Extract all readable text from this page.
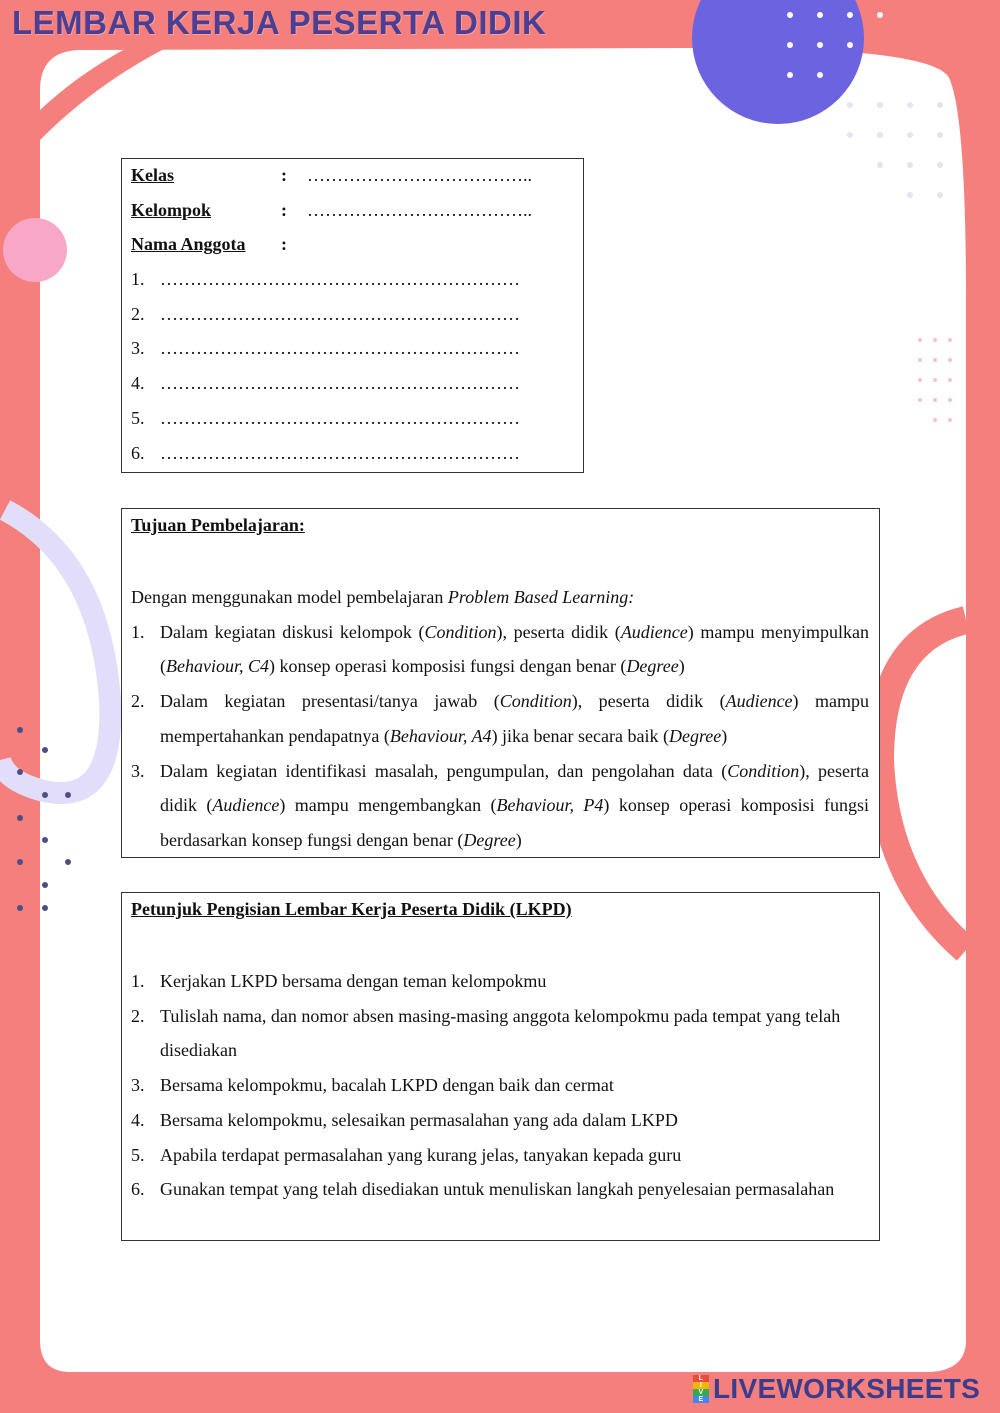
LEMBAR KERJA PESERTA DIDIK
Kelas	:	………………………………..
Kelompok	:	………………………………..
Nama Anggota	:
1. ……………………………………………………
2. ……………………………………………………
3. ……………………………………………………
4. ……………………………………………………
5. ……………………………………………………
6. ……………………………………………………
Tujuan Pembelajaran:
Dengan menggunakan model pembelajaran Problem Based Learning:
1. Dalam kegiatan diskusi kelompok (Condition), peserta didik (Audience) mampu menyimpulkan (Behaviour, C4) konsep operasi komposisi fungsi dengan benar (Degree)
2. Dalam kegiatan presentasi/tanya jawab (Condition), peserta didik (Audience) mampu mempertahankan pendapatnya (Behaviour, A4) jika benar secara baik (Degree)
3. Dalam kegiatan identifikasi masalah, pengumpulan, dan pengolahan data (Condition), peserta didik (Audience) mampu mengembangkan (Behaviour, P4) konsep operasi komposisi fungsi berdasarkan konsep fungsi dengan benar (Degree)
Petunjuk Pengisian Lembar Kerja Peserta Didik (LKPD)
1. Kerjakan LKPD bersama dengan teman kelompokmu
2. Tulislah nama, dan nomor absen masing-masing anggota kelompokmu pada tempat yang telah disediakan
3. Bersama kelompokmu, bacalah LKPD dengan baik dan cermat
4. Bersama kelompokmu, selesaikan permasalahan yang ada dalam LKPD
5. Apabila terdapat permasalahan yang kurang jelas, tanyakan kepada guru
6. Gunakan tempat yang telah disediakan untuk menuliskan langkah penyelesaian permasalahan
L
I
V
E LIVEWORKSHEETS
